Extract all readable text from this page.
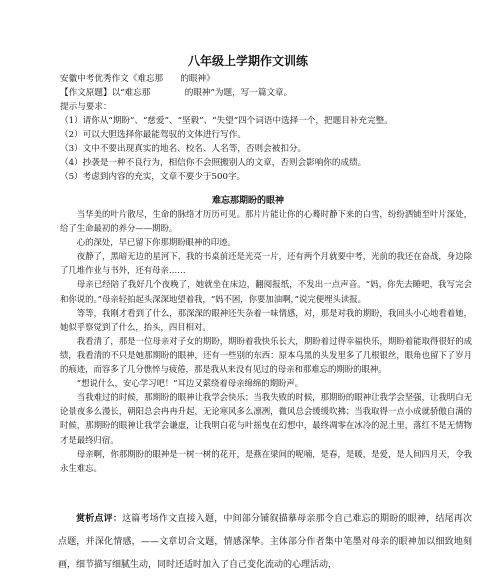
八年级上学期作文训练
安徽中考优秀作文《难忘那　　的眼神》
【作文原题】以“难忘那　　　　的眼神”为题，写一篇文章。
提示与要求：
（1）请你从“期盼”、“慈爱”、“坚毅”、“失望”四个词语中选择一个，把题目补充完整。
（2）可以大胆选择你最能驾驭的文体进行写作。
（3）文中不要出现真实的地名、校名、人名等，否则会被扣分。
（4）抄袭是一种不良行为，相信你不会照搬别人的文章，否则会影响你的成绩。
（5）考虑到内容的充实，文章不要少于500字。
难忘那期盼的眼神

当华美的叶片散尽，生命的脉络才历历可见。那片片能让你的心蓦时静下来的白雪，纷纷洒铺至叶片深处，给了生命最初的养分——期盼。

心的深处，早已留下你那期盼眼神的印迹。

夜静了，黑暗无边的星河下，我的书桌前还是光亮一片，还有两个月就要中考，光前的我还在奋战，身边除了几堆作业与书外，还有母亲……

母亲已经陪了我好几个夜晚了，她就坐在床边，翻阅报纸，不发出一点声音。“妈，你先去睡吧，我写完会和你说的。”母亲轻拍起头深深地望着我，“妈不困，你要加油啊，”说完便埋头读报。

等等，我刚才看到了什么，那深深的眼神还失杂着一味情感，对，那是对我的期盼，我回头小心地看着她，她似乎察觉到了什么，抬头，四目相对。

我看清了，那是一位母亲对子女的期盼，期盼着我快乐长大，期盼着过得幸福快乐，期盼着能取得很好的成绩，我看清的不只是她那期盼的眼神，还有一些别的东西：原本乌黑的头发里多了几根银丝，眼角也留下了岁月的痕迹，而容多了几分憔悴与疲倦，那是我从来没有见过的母亲和那难忘的期盼的眼神。

“想说什么，安心学习吧！”耳边又萦绕着母亲绵绵的期盼声。

当我难过的时候，那期盼的眼神让我学会快乐；当我失败的时候，那期盼的眼神让我学会坚强，让我明白无论景夜多么漫长，朝阳总会冉冉升起，无论寒风多么凛冽，微风总会缓缓吹拂；当我取得一点小成就骄傲自满的时候，那期盼的眼神让我学会谦虚，让我明白花与叶摇曳在幻想中，最终凋零在冰冷的泥土里，落红不是无情物才是最终归宿。

母亲啊，你那期盼的眼神是一树一树的花开，是燕在梁间的呢喃，是春，是暖，是爱，是人间四月天，令我永生难忘。

赏析点评：这篇考场作文直接入题，中间部分铺叙描摹母亲那令自己难忘的期盼的眼神，结尾再次点题，并深化情感，——文章切合文题，情感深挚。主体部分作者集中笔墨对母亲的眼神加以细致地刻画，细节描写细腻生动，同时还适时加入了自己变化流动的心理活动，
